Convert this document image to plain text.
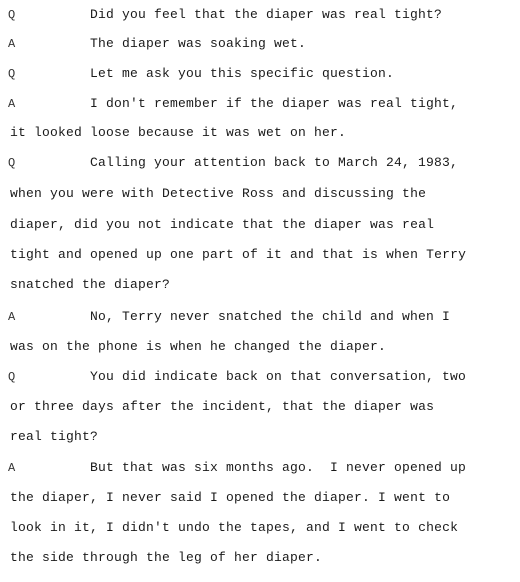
Q	Did you feel that the diaper was real tight?
A	The diaper was soaking wet.
Q	Let me ask you this specific question.
A	I don't remember if the diaper was real tight,
it looked loose because it was wet on her.
Q	Calling your attention back to March 24, 1983,
when you were with Detective Ross and discussing the
diaper, did you not indicate that the diaper was real
tight and opened up one part of it and that is when Terry
snatched the diaper?
A	No, Terry never snatched the child and when I
was on the phone is when he changed the diaper.
Q	You did indicate back on that conversation, two
or three days after the incident, that the diaper was
real tight?
A	But that was six months ago.  I never opened up
the diaper, I never said I opened the diaper. I went to
look in it, I didn't undo the tapes, and I went to check
the side through the leg of her diaper.
